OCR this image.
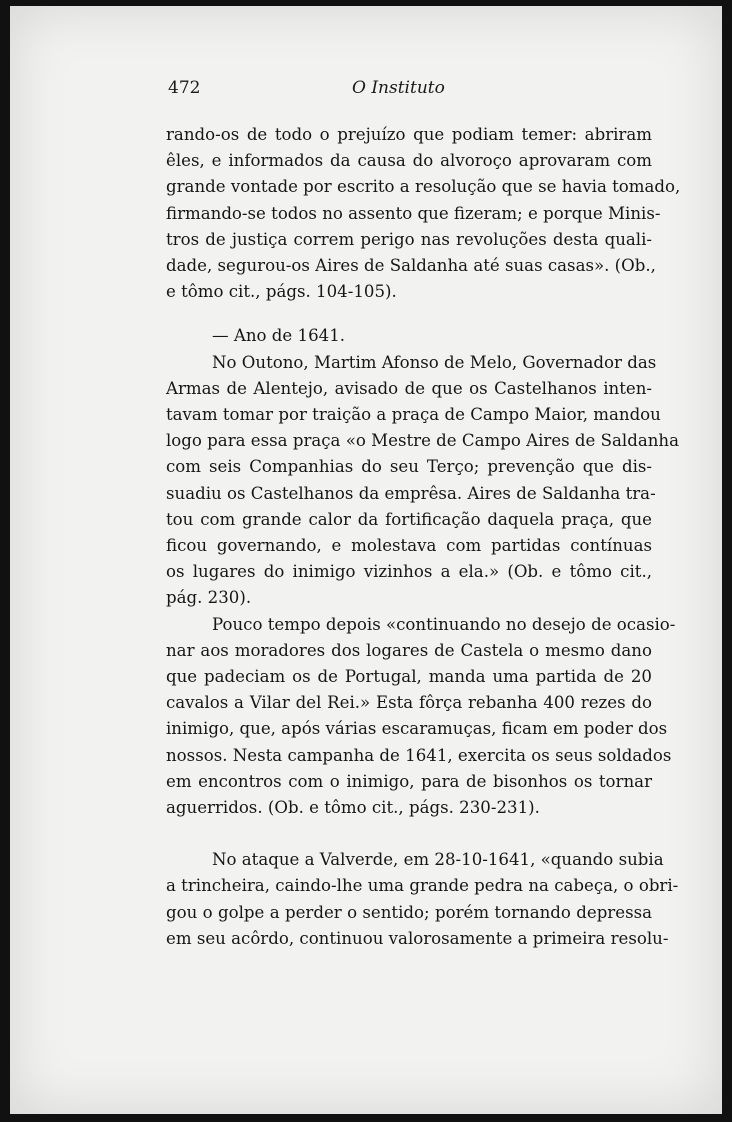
472	O Instituto

rando-os de todo o prejuízo que podiam temer: abriram
êles, e informados da causa do alvoroço aprovaram com
grande vontade por escrito a resolução que se havia tomado,
firmando-se todos no assento que fizeram; e porque Minis-
tros de justiça correm perigo nas revoluções desta quali-
dade, segurou-os Aires de Saldanha até suas casas». (Ob.,
e tômo cit., págs. 104-105).

— Ano de 1641.

No Outono, Martim Afonso de Melo, Governador das
Armas de Alentejo, avisado de que os Castelhanos inten-
tavam tomar por traição a praça de Campo Maior, mandou
logo para essa praça «o Mestre de Campo Aires de Saldanha
com seis Companhias do seu Terço; prevenção que dis-
suadiu os Castelhanos da emprêsa. Aires de Saldanha tra-
tou com grande calor da fortificação daquela praça, que
ficou governando, e molestava com partidas contínuas
os lugares do inimigo vizinhos a ela.» (Ob. e tômo cit.,
pág. 230).

Pouco tempo depois «continuando no desejo de ocasio-
nar aos moradores dos logares de Castela o mesmo dano
que padeciam os de Portugal, manda uma partida de 20
cavalos a Vilar del Rei.» Esta fôrça rebanha 400 rezes do
inimigo, que, após várias escaramuças, ficam em poder dos
nossos. Nesta campanha de 1641, exercita os seus soldados
em encontros com o inimigo, para de bisonhos os tornar
aguerridos. (Ob. e tômo cit., págs. 230-231).

No ataque a Valverde, em 28-10-1641, «quando subia
a trincheira, caindo-lhe uma grande pedra na cabeça, o obri-
gou o golpe a perder o sentido; porém tornando depressa
em seu acôrdo, continuou valorosamente a primeira resolu-
